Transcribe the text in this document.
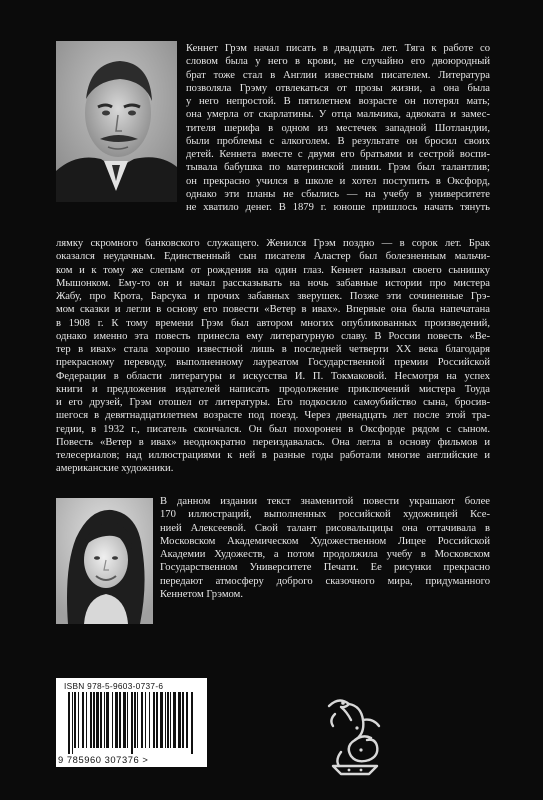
Кеннет Грэм начал писать в двадцать лет. Тяга к работе со
словом была у него в крови, не случайно его двоюродный
брат тоже стал в Англии известным писателем. Литература
позволяла Грэму отвлекаться от прозы жизни, а она была
у него непростой. В пятилетнем возрасте он потерял мать;
она умерла от скарлатины. У отца мальчика, адвоката и замес-
тителя шерифа в одном из местечек западной Шотландии,
были проблемы с алкоголем. В результате он бросил своих
детей. Кеннета вместе с двумя его братьями и сестрой воспи-
тывала бабушка по материнской линии. Грэм был талантлив;
он прекрасно учился в школе и хотел поступить в Оксфорд,
однако эти планы не сбылись — на учебу в университете
не хватило денег. В 1879 г. юноше пришлось начать тянуть

лямку скромного банковского служащего. Женился Грэм поздно — в сорок лет. Брак
оказался неудачным. Единственный сын писателя Аластер был болезненным мальчи-
ком и к тому же слепым от рождения на один глаз. Кеннет называл своего сынишку
Мышонком. Ему-то он и начал рассказывать на ночь забавные истории про мистера
Жабу, про Крота, Барсука и прочих забавных зверушек. Позже эти сочиненные Грэ-
мом сказки и легли в основу его повести «Ветер в ивах». Впервые она была напечатана
в 1908 г. К тому времени Грэм был автором многих опубликованных произведений,
однако именно эта повесть принесла ему литературную славу. В России повесть «Ве-
тер в ивах» стала хорошо известной лишь в последней четверти XX века благодаря
прекрасному переводу, выполненному лауреатом Государственной премии Российской
Федерации в области литературы и искусства И. П. Токмаковой. Несмотря на успех
книги и предложения издателей написать продолжение приключений мистера Тоуда
и его друзей, Грэм отошел от литературы. Его подкосило самоубийство сына, бросив-
шегося в девятнадцатилетнем возрасте под поезд. Через двенадцать лет после этой тра-
гедии, в 1932 г., писатель скончался. Он был похоронен в Оксфорде рядом с сыном.
Повесть «Ветер в ивах» неоднократно переиздавалась. Она легла в основу фильмов и
телесериалов; над иллюстрациями к ней в разные годы работали многие английские и
американские художники.

В данном издании текст знаменитой повести украшают более
170 иллюстраций, выполненных российской художницей Ксе-
нией Алексеевой. Свой талант рисовальщицы она оттачивала в
Московском Академическом Художественном Лицее Российской
Академии Художеств, а потом продолжила учебу в Московском
Государственном Университете Печати. Ее рисунки прекрасно
передают атмосферу доброго сказочного мира, придуманного
Кеннетом Грэмом.

ISBN 978-5-9603-0737-6
9 785960 307376 >
